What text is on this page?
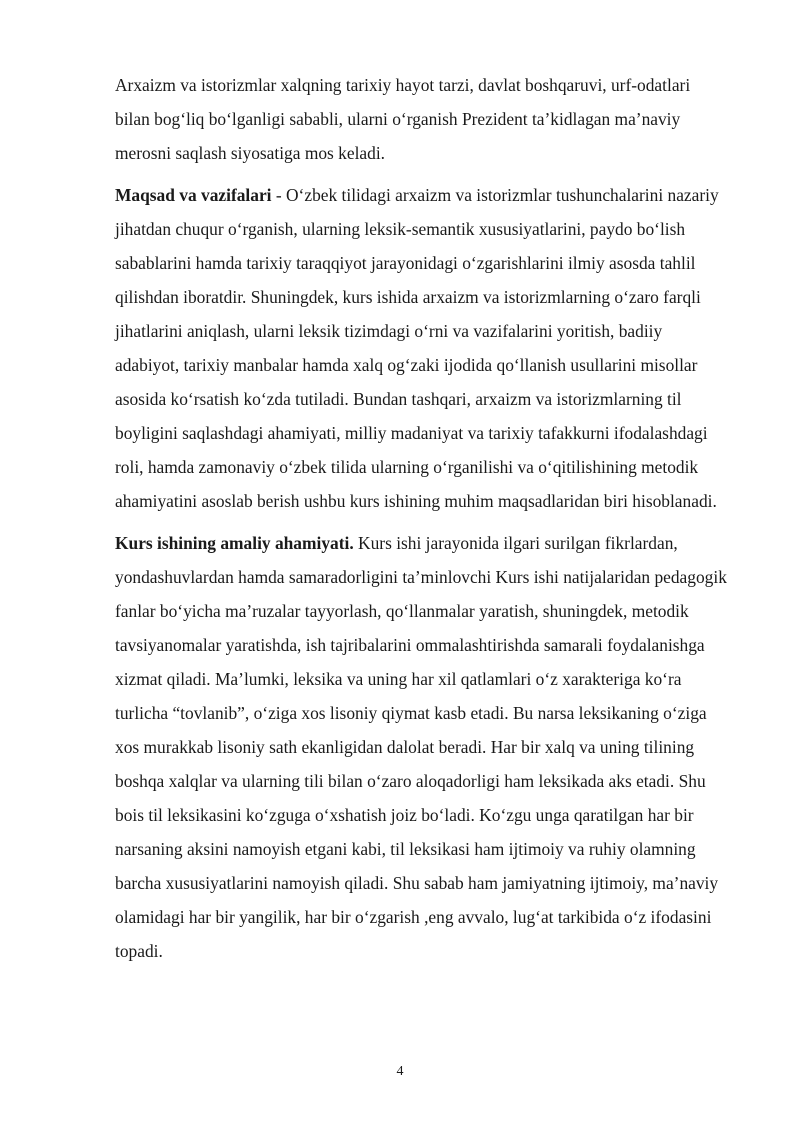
Arxaizm va istorizmlar xalqning tarixiy hayot tarzi, davlat boshqaruvi, urf-odatlari bilan bog‘liq bo‘lganligi sababli, ularni o‘rganish Prezident ta’kidlagan ma’naviy merosni saqlash siyosatiga mos keladi.

Maqsad va vazifalari - O‘zbek tilidagi arxaizm va istorizmlar tushunchalarini nazariy jihatdan chuqur o‘rganish, ularning leksik-semantik xususiyatlarini, paydo bo‘lish sabablarini hamda tarixiy taraqqiyot jarayonidagi o‘zgarishlarini ilmiy asosda tahlil qilishdan iboratdir. Shuningdek, kurs ishida arxaizm va istorizmlarning o‘zaro farqli jihatlarini aniqlash, ularni leksik tizimdagi o‘rni va vazifalarini yoritish, badiiy adabiyot, tarixiy manbalar hamda xalq og‘zaki ijodida qo‘llanish usullarini misollar asosida ko‘rsatish ko‘zda tutiladi. Bundan tashqari, arxaizm va istorizmlarning til boyligini saqlashdagi ahamiyati, milliy madaniyat va tarixiy tafakkurni ifodalashdagi roli, hamda zamonaviy o‘zbek tilida ularning o‘rganilishi va o‘qitilishining metodik ahamiyatini asoslab berish ushbu kurs ishining muhim maqsadlaridan biri hisoblanadi.

Kurs ishining amaliy ahamiyati. Kurs ishi jarayonida ilgari surilgan fikrlardan, yondashuvlardan hamda samaradorligini ta’minlovchi Kurs ishi natijalaridan pedagogik fanlar bo‘yicha ma’ruzalar tayyorlash, qo‘llanmalar yaratish, shuningdek, metodik tavsiyanomalar yaratishda, ish tajribalarini ommalashtirishda samarali foydalanishga xizmat qiladi. Ma’lumki, leksika va uning har xil qatlamlari o‘z xarakteriga ko‘ra turlicha “tovlanib”, o‘ziga xos lisoniy qiymat kasb etadi. Bu narsa leksikaning o‘ziga xos murakkab lisoniy sath ekanligidan dalolat beradi. Har bir xalq va uning tilining boshqa xalqlar va ularning tili bilan o‘zaro aloqadorligi ham leksikada aks etadi. Shu bois til leksikasini ko‘zguga o‘xshatish joiz bo‘ladi. Ko‘zgu unga qaratilgan har bir narsaning aksini namoyish etgani kabi, til leksikasi ham ijtimoiy va ruhiy olamning barcha xususiyatlarini namoyish qiladi. Shu sabab ham jamiyatning ijtimoiy, ma’naviy olamidagi har bir yangilik, har bir o‘zgarish ,eng avvalo, lug‘at tarkibida o‘z ifodasini topadi.

4
